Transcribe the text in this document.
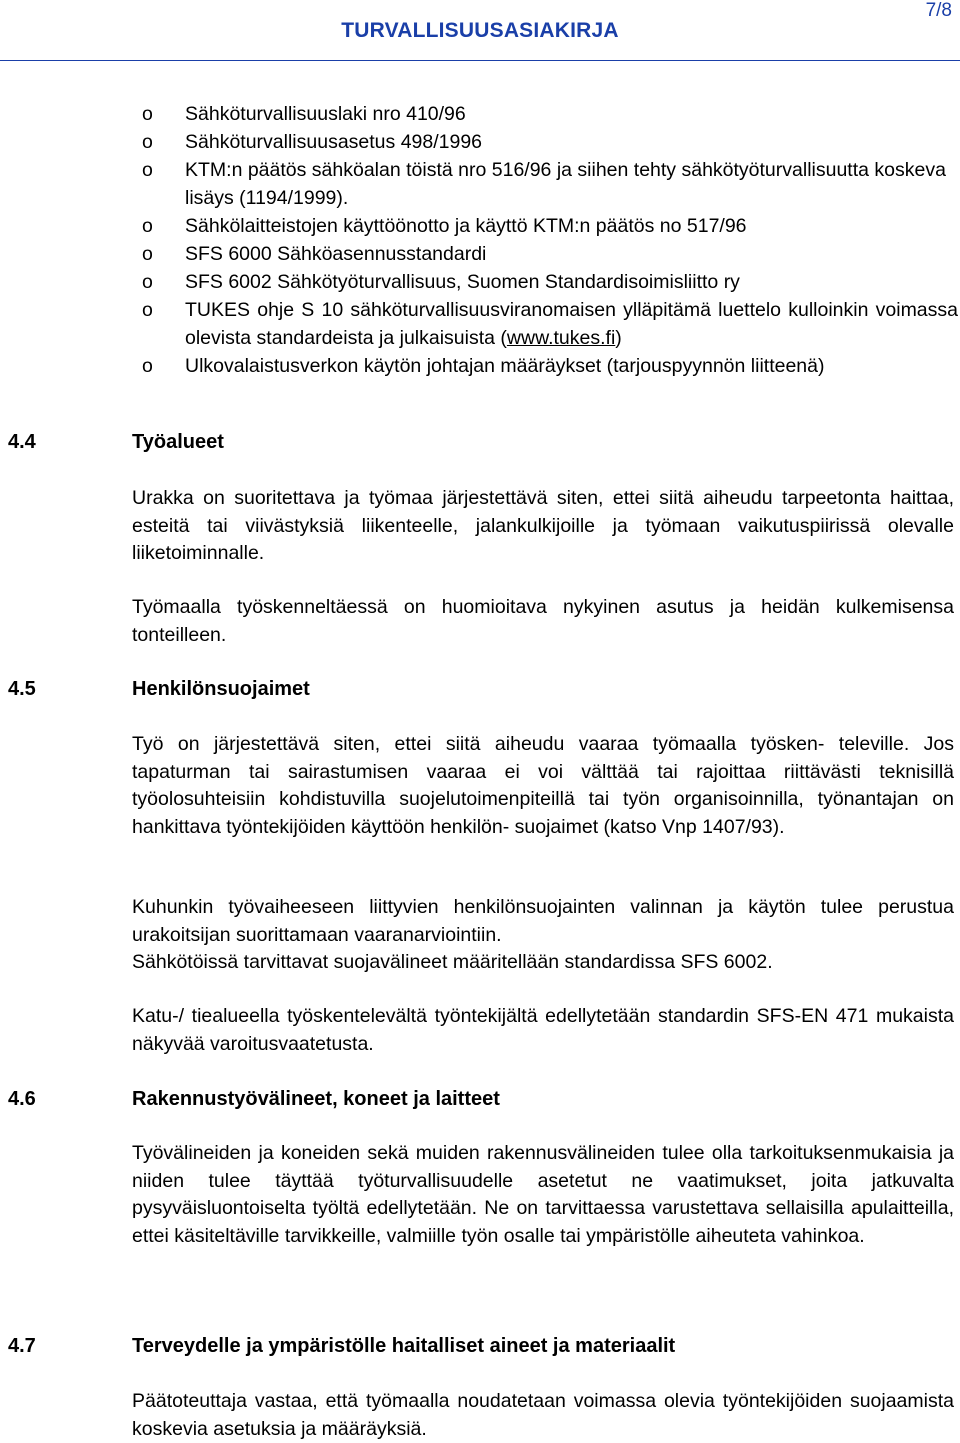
TURVALLISUUSASIAKIRJA
7/8
o Sähköturvallisuuslaki nro 410/96
o Sähköturvallisuusasetus 498/1996
o KTM:n päätös sähköalan töistä nro 516/96 ja siihen tehty sähkötyöturvallisuutta koskeva lisäys (1194/1999).
o Sähkölaitteistojen käyttöönotto ja käyttö KTM:n päätös no 517/96
o SFS 6000 Sähköasennusstandardi
o SFS 6002 Sähkötyöturvallisuus, Suomen Standardisoimisliitto ry
o TUKES ohje S 10 sähköturvallisuusviranomaisen ylläpitämä luettelo kulloinkin voimassa olevista standardeista ja julkaisuista (www.tukes.fi)
o Ulkovalaistusverkon käytön johtajan määräykset (tarjouspyynnön liitteenä)
4.4	Työalueet
Urakka on suoritettava ja työmaa järjestettävä siten, ettei siitä aiheudu tarpeetonta haittaa, esteitä tai viivästyksiä liikenteelle, jalankulkijoille ja työmaan vaikutuspiirissä olevalle liiketoiminnalle.
Työmaalla työskenneltäessä on huomioitava nykyinen asutus ja heidän kulkemisensa tonteilleen.
4.5	Henkilönsuojaimet
Työ on järjestettävä siten, ettei siitä aiheudu vaaraa työmaalla työsken- televille. Jos tapaturman tai sairastumisen vaaraa ei voi välttää tai rajoittaa riittävästi teknisillä työolosuhteisiin kohdistuvilla suojelutoimenpiteillä tai työn organisoinnilla, työnantajan on hankittava työntekijöiden käyttöön henkilön- suojaimet (katso Vnp 1407/93).
Kuhunkin työvaiheeseen liittyvien henkilönsuojainten valinnan ja käytön tulee perustua urakoitsijan suorittamaan vaaranarviointiin.
Sähkötöissä tarvittavat suojavälineet määritellään standardissa SFS 6002.
Katu-/ tiealueella työskentelevältä työntekijältä edellytetään standardin SFS-EN 471 mukaista näkyvää varoitusvaatetusta.
4.6	Rakennustyövälineet, koneet ja laitteet
Työvälineiden ja koneiden sekä muiden rakennusvälineiden tulee olla tarkoituksenmukaisia ja niiden tulee täyttää työturvallisuudelle asetetut ne vaatimukset, joita jatkuvalta pysyväisluontoiselta työltä edellytetään. Ne on tarvittaessa varustettava sellaisilla apulaitteilla, ettei käsiteltäville tarvikkeille, valmiille työn osalle tai ympäristölle aiheuteta vahinkoa.
4.7	Terveydelle ja ympäristölle haitalliset aineet ja materiaalit
Päätoteuttaja vastaa, että työmaalla noudatetaan voimassa olevia työntekijöiden suojaamista koskevia asetuksia ja määräyksiä.
